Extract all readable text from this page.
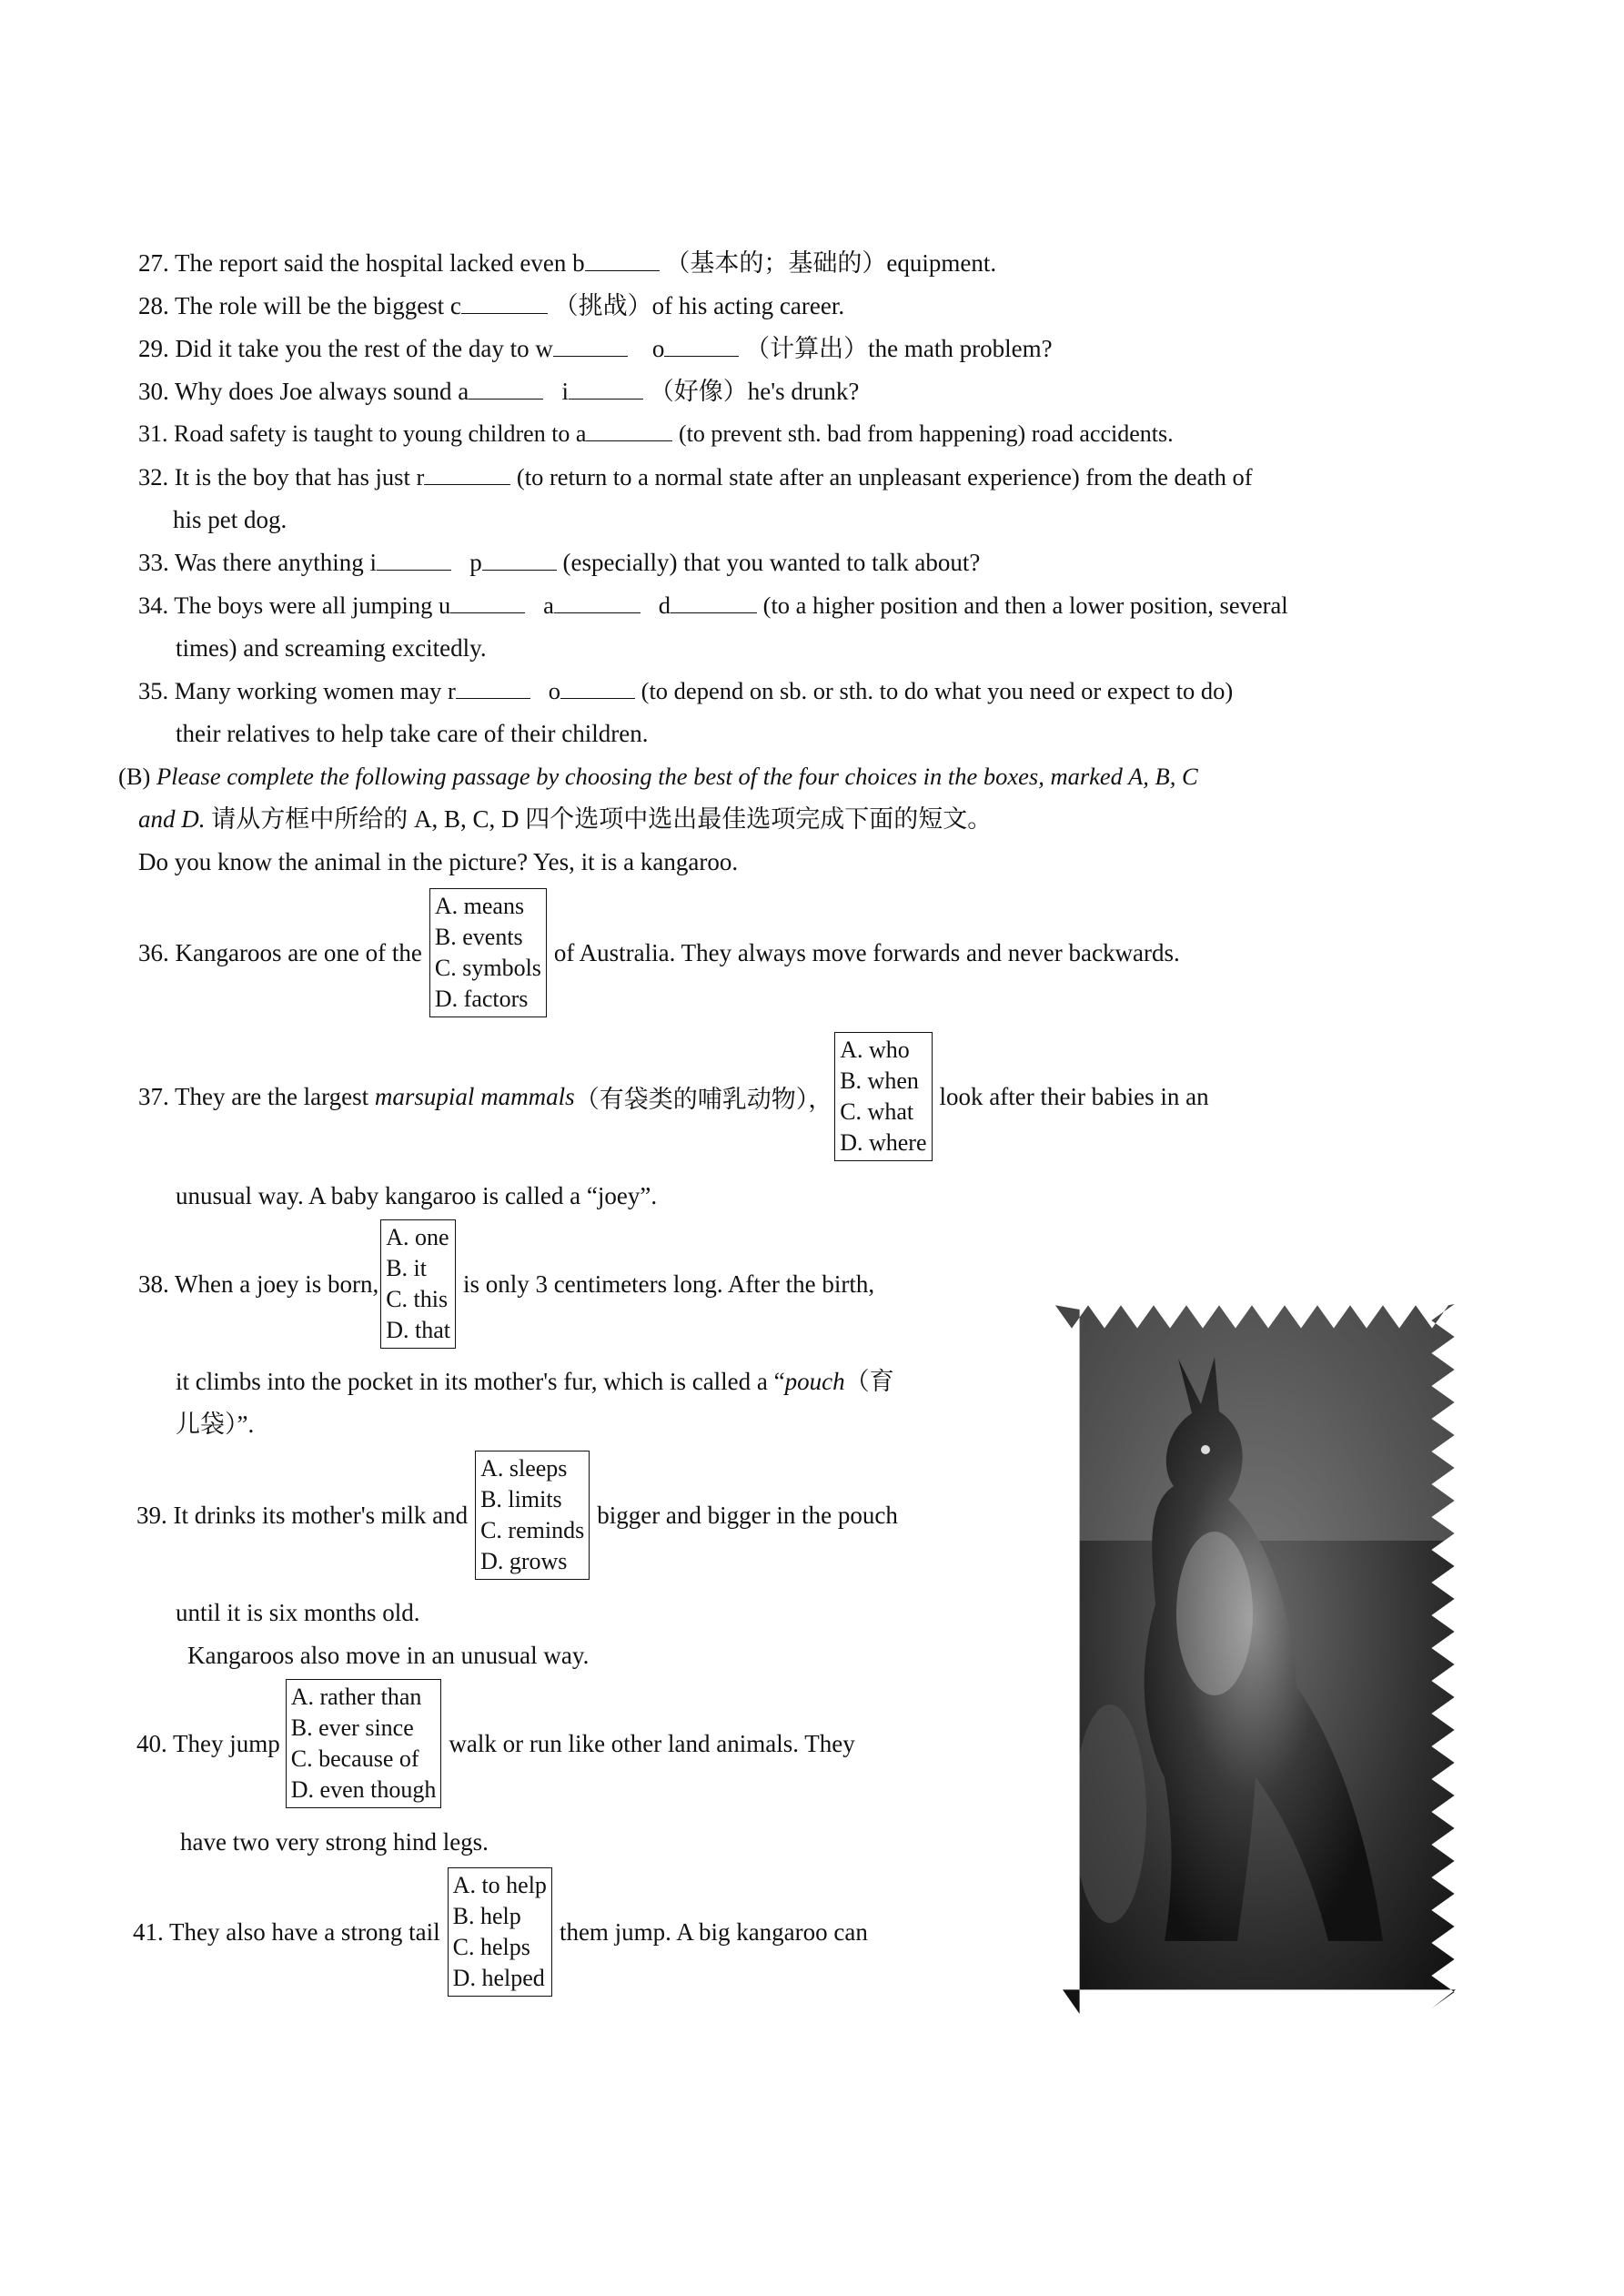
27. The report said the hospital lacked even b	（基本的；基础的）equipment.
28. The role will be the biggest c	（挑战）of his acting career.
29. Did it take you the rest of the day to w	o	（计算出）the math problem?
30. Why does Joe always sound a	i	（好像）he's drunk?
31. Road safety is taught to young children to a	(to prevent sth. bad from happening) road accidents.
32. It is the boy that has just r	(to return to a normal state after an unpleasant experience) from the death of
his pet dog.
33. Was there anything i	p	(especially) that you wanted to talk about?
34. The boys were all jumping u	a	d	(to a higher position and then a lower position, several
times) and screaming excitedly.
35. Many working women may r	o	(to depend on sb. or sth. to do what you need or expect to do)
their relatives to help take care of their children.
(B) Please complete the following passage by choosing the best of the four choices in the boxes, marked A, B, C
and D. 请从方框中所给的 A, B, C, D 四个选项中选出最佳选项完成下面的短文。
Do you know the animal in the picture? Yes, it is a kangaroo.
36. Kangaroos are one of the
A. means
B. events
C. symbols
D. factors
of Australia. They always move forwards and never backwards.
37. They are the largest
marsupial mammals （有袋类的哺乳动物），
A. who
B. when
C. what
D. where
look after their babies in an
unusual way. A baby kangaroo is called a “joey”.
38. When a joey is born,
A. one
B. it
C. this
D. that
is only 3 centimeters long. After the birth,
it climbs into the pocket in its mother's fur, which is called a “pouch（育
儿袋）”.
39. It drinks its mother's milk and
A. sleeps
B. limits
C. reminds
D. grows
bigger and bigger in the pouch
until it is six months old.
Kangaroos also move in an unusual way.
40. They jump
A. rather than
B. ever since
C. because of
D. even though
walk or run like other land animals. They
have two very strong hind legs.
41. They also have a strong tail
A. to help
B. help
C. helps
D. helped
them jump. A big kangaroo can
